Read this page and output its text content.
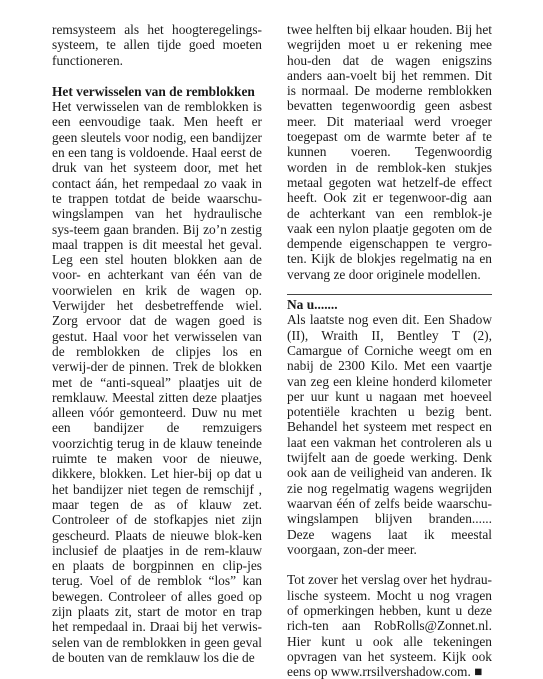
remsysteem als het hoogteregelings-systeem, te allen tijde goed moeten functioneren.

Het verwisselen van de remblokken

Het verwisselen van de remblokken is een eenvoudige taak. Men heeft er geen sleutels voor nodig, een bandijzer en een tang is voldoende. Haal eerst de druk van het systeem door, met het contact áán, het rempedaal zo vaak in te trappen totdat de beide waarschu-wingslampen van het hydraulische sys-teem gaan branden. Bij zo’n zestig maal trappen is dit meestal het geval. Leg een stel houten blokken aan de voor- en achterkant van één van de voorwielen en krik de wagen op. Verwijder het desbetreffende wiel. Zorg ervoor dat de wagen goed is gestut. Haal voor het verwisselen van de remblokken de clipjes los en verwij-der de pinnen. Trek de blokken met de “anti-squeal” plaatjes uit de remklauw. Meestal zitten deze plaatjes alleen vóór gemonteerd. Duw nu met een bandijzer de remzuigers voorzichtig terug in de klauw teneinde ruimte te maken voor de nieuwe, dikkere, blokken. Let hier-bij op dat u het bandijzer niet tegen de remschijf , maar tegen de as of klauw zet. Controleer of de stofkapjes niet zijn gescheurd. Plaats de nieuwe blok-ken inclusief de plaatjes in de rem-klauw en plaats de borgpinnen en clip-jes terug. Voel of de remblok “los” kan bewegen. Controleer of alles goed op zijn plaats zit, start de motor en trap het rempedaal in. Draai bij het verwis-selen van de remblokken in geen geval de bouten van de remklauw los die de

twee helften bij elkaar houden. Bij het wegrijden moet u er rekening mee hou-den dat de wagen enigszins anders aan-voelt bij het remmen. Dit is normaal. De moderne remblokken bevatten tegenwoordig geen asbest meer. Dit materiaal werd vroeger toegepast om de warmte beter af te kunnen voeren. Tegenwoordig worden in de remblok-ken stukjes metaal gegoten wat hetzelf-de effect heeft. Ook zit er tegenwoor-dig aan de achterkant van een remblok-je vaak een nylon plaatje gegoten om de dempende eigenschappen te vergro-ten. Kijk de blokjes regelmatig na en vervang ze door originele modellen.

Na u.......

Als laatste nog even dit. Een Shadow (II), Wraith II, Bentley T (2), Camargue of Corniche weegt om en nabij de 2300 Kilo. Met een vaartje van zeg een kleine honderd kilometer per uur kunt u nagaan met hoeveel potentiële krachten u bezig bent. Behandel het systeem met respect en laat een vakman het controleren als u twijfelt aan de goede werking. Denk ook aan de veiligheid van anderen. Ik zie nog regelmatig wagens wegrijden waarvan één of zelfs beide waarschu-wingslampen blijven branden...... Deze wagens laat ik meestal voorgaan, zon-der meer.

Tot zover het verslag over het hydrau-lische systeem. Mocht u nog vragen of opmerkingen hebben, kunt u deze rich-ten aan RobRolls@Zonnet.nl. Hier kunt u ook alle tekeningen opvragen van het systeem. Kijk ook eens op www.rrsilvershadow.com. ■
